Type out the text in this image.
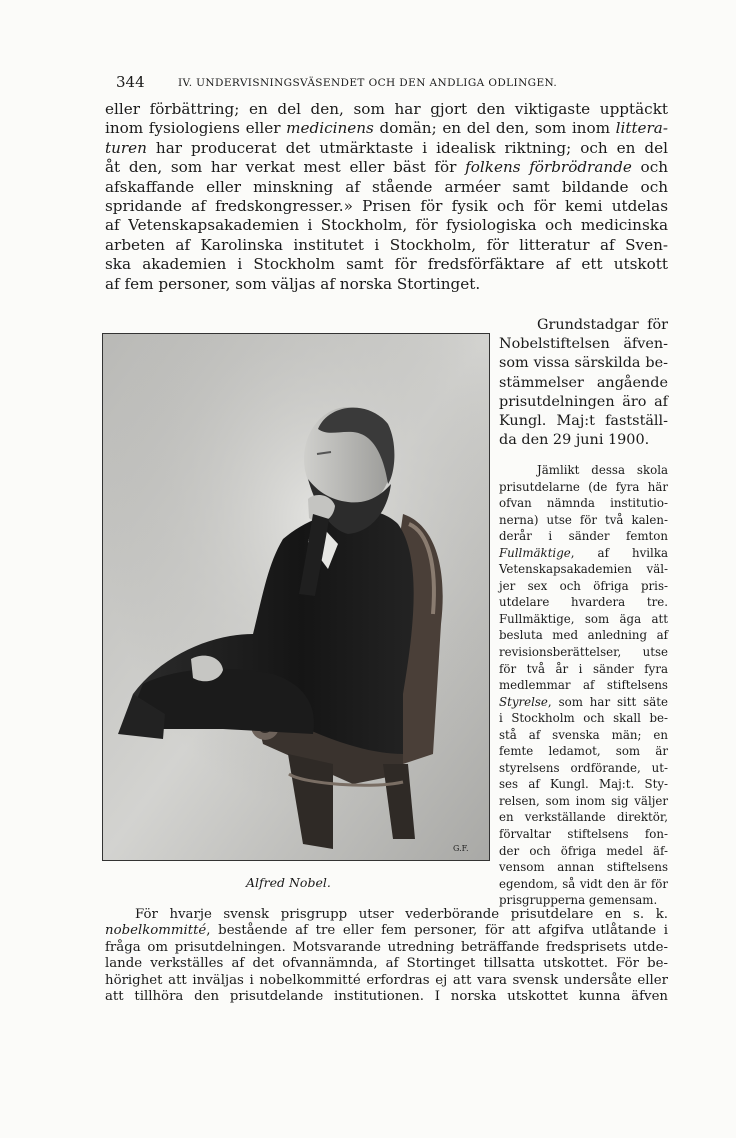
344	IV. UNDERVISNINGSVÄSENDET OCH DEN ANDLIGA ODLINGEN.
eller förbättring; en del den, som har gjort den viktigaste upptäckt
inom fysiologiens eller medicinens domän; en del den, som inom littera-
turen har producerat det utmärktaste i idealisk riktning; och en del
åt den, som har verkat mest eller bäst för folkens förbrödrande och
afskaffande eller minskning af stående arméer samt bildande och
spridande af fredskongresser.» Prisen för fysik och för kemi utdelas
af Vetenskapsakademien i Stockholm, för fysiologiska och medicinska
arbeten af Karolinska institutet i Stockholm, för litteratur af Sven-
ska akademien i Stockholm samt för fredsförfäktare af ett utskott
af fem personer, som väljas af norska Stortinget.
G.F.
Alfred Nobel.
Grundstadgar för
Nobelstiftelsen äfven-
som vissa särskilda be-
stämmelser angående
prisutdelningen äro af
Kungl. Maj:t fastställ-
da den 29 juni 1900.
Jämlikt dessa skola
prisutdelarne (de fyra här
ofvan nämnda institutio-
nerna) utse för två kalen-
derår i sänder femton
Fullmäktige, af hvilka
Vetenskapsakademien väl-
jer sex och öfriga pris-
utdelare hvardera tre.
Fullmäktige, som äga att
besluta med anledning af
revisionsberättelser, utse
för två år i sänder fyra
medlemmar af stiftelsens
Styrelse, som har sitt säte
i Stockholm och skall be-
stå af svenska män; en
femte ledamot, som är
styrelsens ordförande, ut-
ses af Kungl. Maj:t. Sty-
relsen, som inom sig väljer
en verkställande direktör,
förvaltar stiftelsens fon-
der och öfriga medel äf-
vensom annan stiftelsens
egendom, så vidt den är för
prisgrupperna gemensam.
För hvarje svensk prisgrupp utser vederbörande prisutdelare en s. k.
nobelkommitté, bestående af tre eller fem personer, för att afgifva utlåtande i
fråga om prisutdelningen. Motsvarande utredning beträffande fredsprisets utde-
lande verkställes af det ofvannämnda, af Stortinget tillsatta utskottet. För be-
hörighet att inväljas i nobelkommitté erfordras ej att vara svensk undersåte eller
att tillhöra den prisutdelande institutionen. I norska utskottet kunna äfven
